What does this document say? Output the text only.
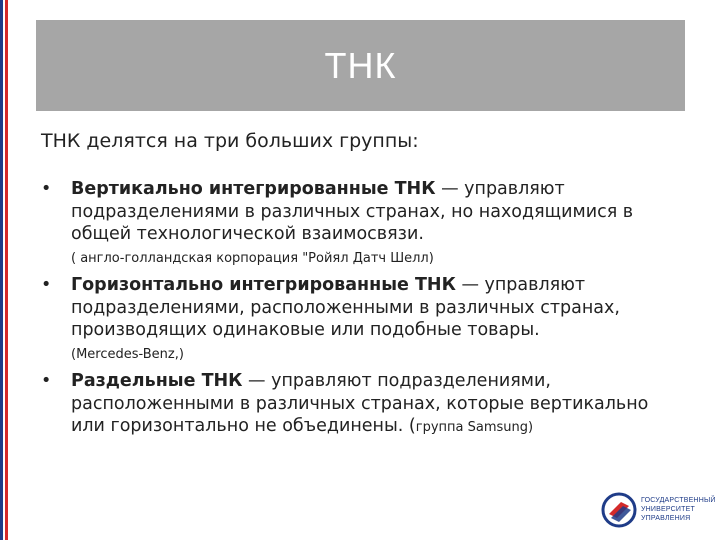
ТНК
ТНК делятся на три больших группы:
• Вертикально интегрированные ТНК — управляют подразделениями в различных странах, но находящимися в общей технологической взаимосвязи.
( англо-голландская корпорация "Ройял Датч Шелл)
• Горизонтально интегрированные ТНК — управляют подразделениями, расположенными в различных странах, производящих одинаковые или подобные товары.
(Mercedes-Benz,)
• Раздельные ТНК — управляют подразделениями, расположенными в различных странах, которые вертикально или горизонтально не объединены. (группа Samsung)
ГОСУДАРСТВЕННЫЙ
УНИВЕРСИТЕТ
УПРАВЛЕНИЯ
